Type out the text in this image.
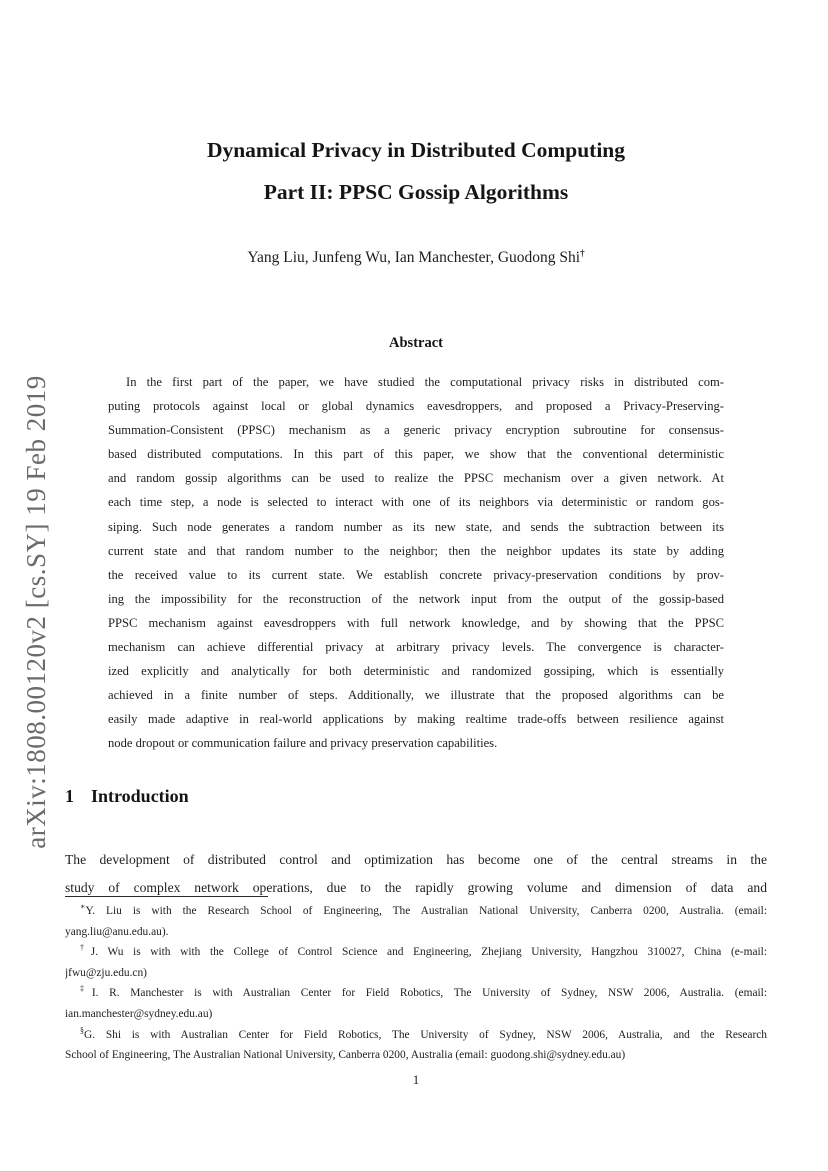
arXiv:1808.00120v2 [cs.SY] 19 Feb 2019
Dynamical Privacy in Distributed Computing
Part II: PPSC Gossip Algorithms
Yang Liu, Junfeng Wu, Ian Manchester, Guodong Shi†
Abstract
In the first part of the paper, we have studied the computational privacy risks in distributed com-
puting protocols against local or global dynamics eavesdroppers, and proposed a Privacy-Preserving-
Summation-Consistent (PPSC) mechanism as a generic privacy encryption subroutine for consensus-
based distributed computations. In this part of this paper, we show that the conventional deterministic
and random gossip algorithms can be used to realize the PPSC mechanism over a given network. At
each time step, a node is selected to interact with one of its neighbors via deterministic or random gos-
siping. Such node generates a random number as its new state, and sends the subtraction between its
current state and that random number to the neighbor; then the neighbor updates its state by adding
the received value to its current state. We establish concrete privacy-preservation conditions by prov-
ing the impossibility for the reconstruction of the network input from the output of the gossip-based
PPSC mechanism against eavesdroppers with full network knowledge, and by showing that the PPSC
mechanism can achieve differential privacy at arbitrary privacy levels. The convergence is character-
ized explicitly and analytically for both deterministic and randomized gossiping, which is essentially
achieved in a finite number of steps. Additionally, we illustrate that the proposed algorithms can be
easily made adaptive in real-world applications by making realtime trade-offs between resilience against
node dropout or communication failure and privacy preservation capabilities.
1 Introduction
The development of distributed control and optimization has become one of the central streams in the
study of complex network operations, due to the rapidly growing volume and dimension of data and
∗Y. Liu is with the Research School of Engineering, The Australian National University, Canberra 0200, Australia. (email:
yang.liu@anu.edu.au).
†J. Wu is with with the College of Control Science and Engineering, Zhejiang University, Hangzhou 310027, China (e-mail:
jfwu@zju.edu.cn)
‡I. R. Manchester is with Australian Center for Field Robotics, The University of Sydney, NSW 2006, Australia. (email:
ian.manchester@sydney.edu.au)
§G. Shi is with Australian Center for Field Robotics, The University of Sydney, NSW 2006, Australia, and the Research
School of Engineering, The Australian National University, Canberra 0200, Australia (email: guodong.shi@sydney.edu.au)
1
